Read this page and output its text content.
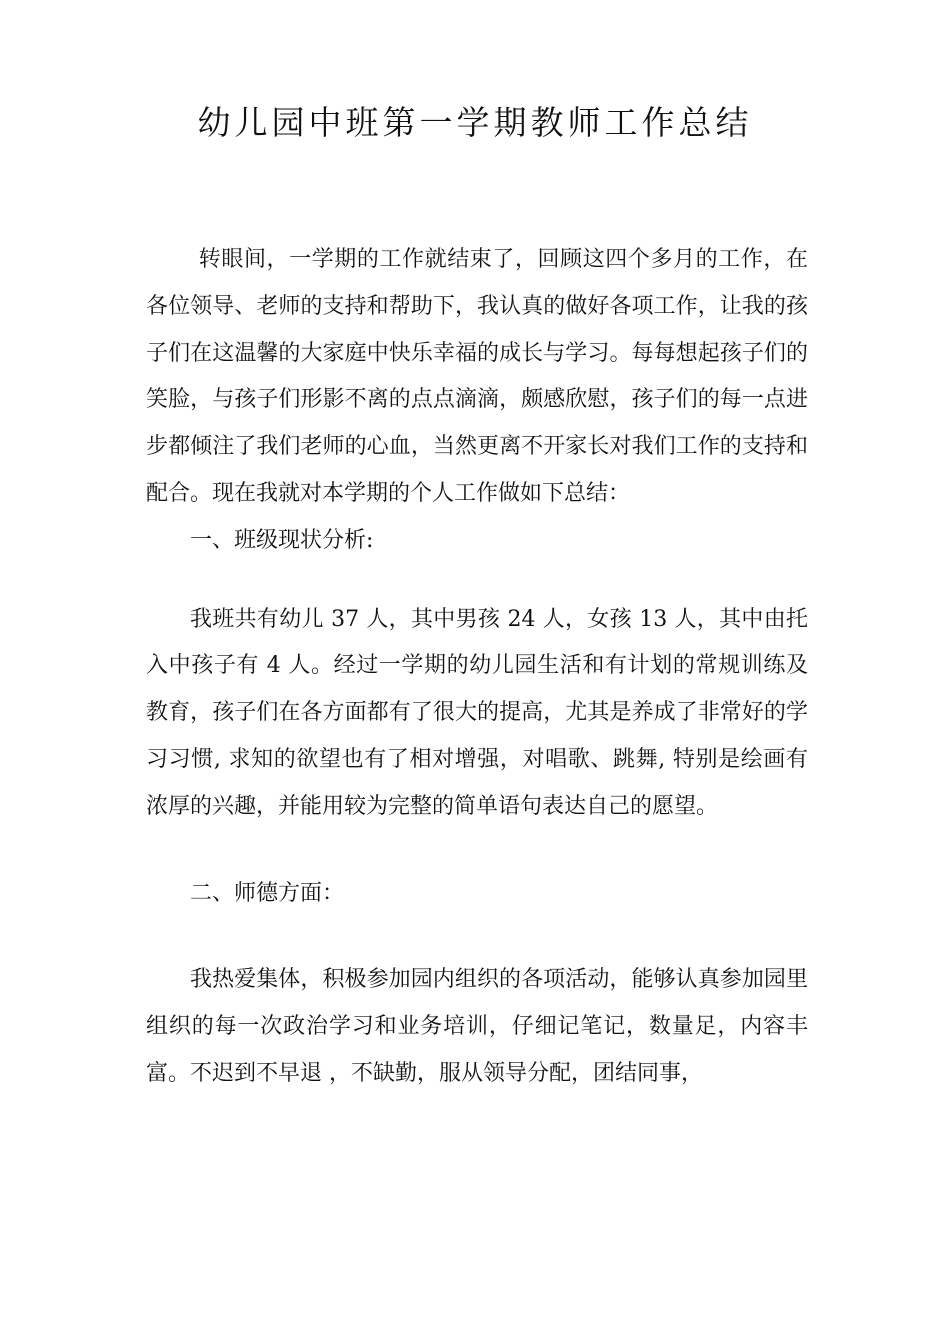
幼儿园中班第一学期教师工作总结

转眼间，一学期的工作就结束了，回顾这四个多月的工作，在各位领导、老师的支持和帮助下，我认真的做好各项工作，让我的孩子们在这温馨的大家庭中快乐幸福的成长与学习。每每想起孩子们的笑脸，与孩子们形影不离的点点滴滴，颇感欣慰，孩子们的每一点进步都倾注了我们老师的心血，当然更离不开家长对我们工作的支持和配合。现在我就对本学期的个人工作做如下总结：

一、班级现状分析:

我班共有幼儿 37 人，其中男孩 24 人，女孩 13 人，其中由托入中孩子有 4 人。经过一学期的幼儿园生活和有计划的常规训练及教育，孩子们在各方面都有了很大的提高，尤其是养成了非常好的学习习惯, 求知的欲望也有了相对增强，对唱歌、跳舞, 特别是绘画有浓厚的兴趣，并能用较为完整的简单语句表达自己的愿望。

二、师德方面：

我热爱集体，积极参加园内组织的各项活动，能够认真参加园里组织的每一次政治学习和业务培训，仔细记笔记，数量足，内容丰富。不迟到不早退 ，不缺勤，服从领导分配，团结同事，
